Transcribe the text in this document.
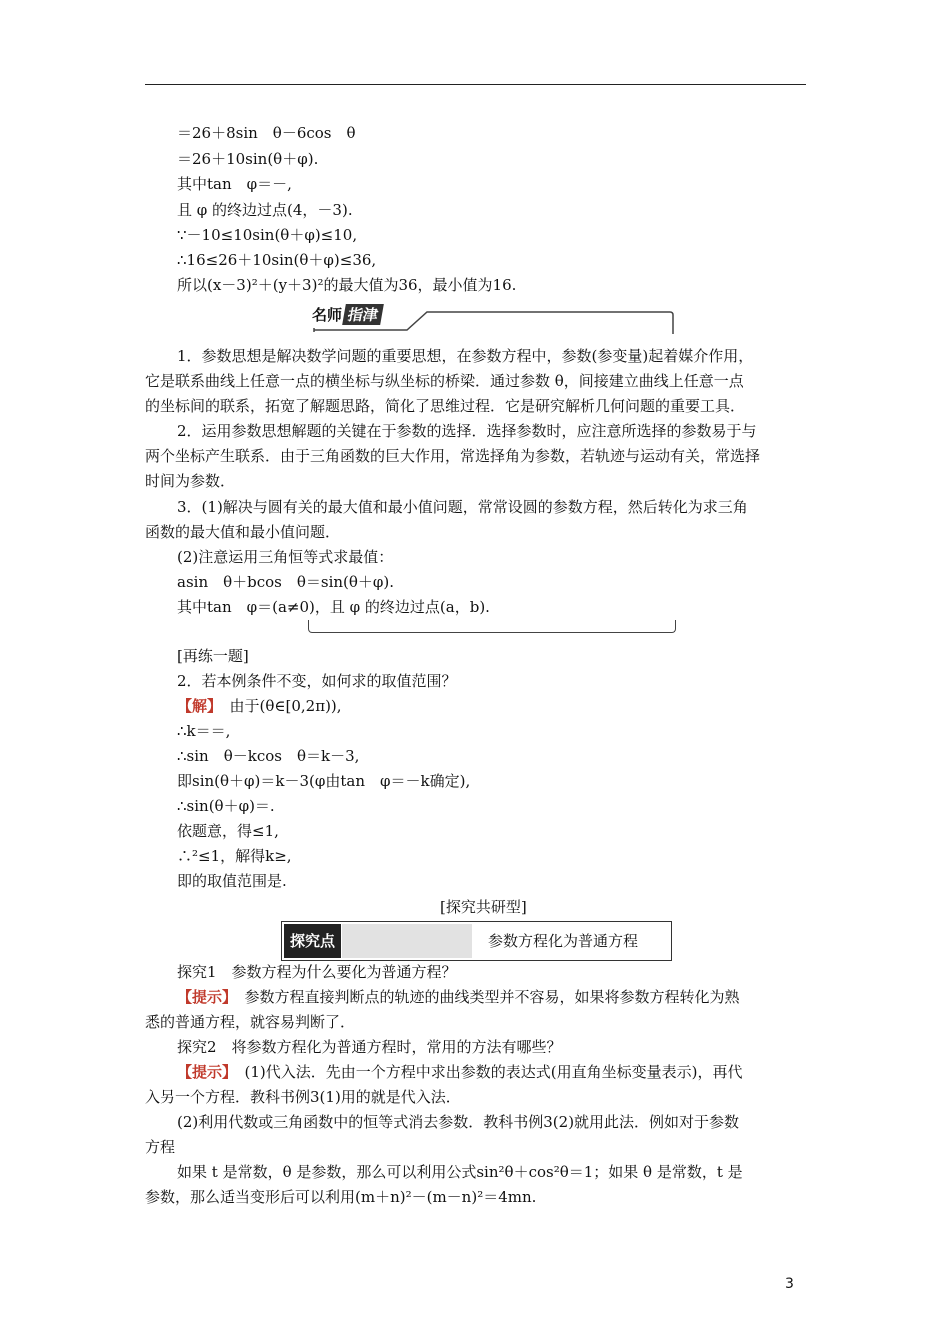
＝26＋8sin　θ－6cos　θ
＝26＋10sin(θ＋φ).
其中tan　φ＝－,
且 φ 的终边过点(4，－3).
∵－10≤10sin(θ＋φ)≤10,
∴16≤26＋10sin(θ＋φ)≤36,
所以(x－3)²＋(y＋3)²的最大值为36，最小值为16.
名师 指津
1．参数思想是解决数学问题的重要思想，在参数方程中，参数(参变量)起着媒介作用，
它是联系曲线上任意一点的横坐标与纵坐标的桥梁．通过参数 θ，间接建立曲线上任意一点
的坐标间的联系，拓宽了解题思路，简化了思维过程．它是研究解析几何问题的重要工具．
2．运用参数思想解题的关键在于参数的选择．选择参数时，应注意所选择的参数易于与
两个坐标产生联系．由于三角函数的巨大作用，常选择角为参数，若轨迹与运动有关，常选择
时间为参数．
3．(1)解决与圆有关的最大值和最小值问题，常常设圆的参数方程，然后转化为求三角
函数的最大值和最小值问题．
(2)注意运用三角恒等式求最值：
asin　θ＋bcos　θ＝sin(θ＋φ).
其中tan　φ＝(a≠0)，且 φ 的终边过点(a，b).
[再练一题]
2．若本例条件不变，如何求的取值范围？
【解】　由于(θ∈[0,2π)),
∴k＝＝,
∴sin　θ－kcos　θ＝k－3,
即sin(θ＋φ)＝k－3(φ由tan　φ＝－k确定),
∴sin(θ＋φ)＝.
依题意，得≤1,
∴²≤1，解得k≥,
即的取值范围是.
[探究共研型]
探究点	参数方程化为普通方程
探究1　参数方程为什么要化为普通方程？
【提示】　参数方程直接判断点的轨迹的曲线类型并不容易，如果将参数方程转化为熟
悉的普通方程，就容易判断了．
探究2　将参数方程化为普通方程时，常用的方法有哪些？
【提示】　(1)代入法．先由一个方程中求出参数的表达式(用直角坐标变量表示)，再代
入另一个方程．教科书例3(1)用的就是代入法．
(2)利用代数或三角函数中的恒等式消去参数．教科书例3(2)就用此法．例如对于参数
方程
如果 t 是常数，θ 是参数，那么可以利用公式sin²θ＋cos²θ＝1；如果 θ 是常数，t 是
参数，那么适当变形后可以利用(m＋n)²－(m－n)²＝4mn.
3
